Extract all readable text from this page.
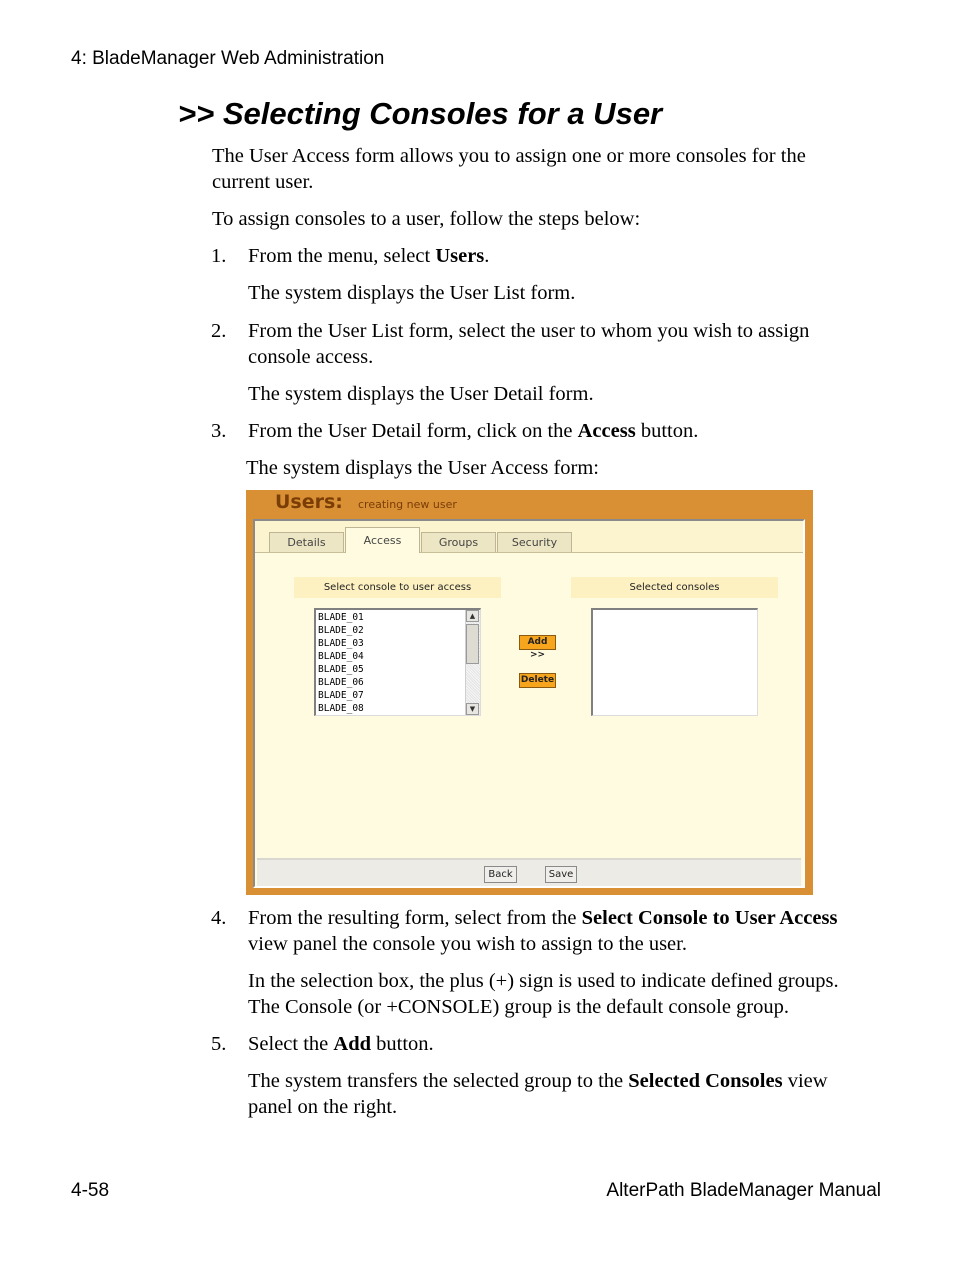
4: BladeManager Web Administration
>> Selecting Consoles for a User
The User Access form allows you to assign one or more consoles for the
current user.
To assign consoles to a user, follow the steps below:
1. From the menu, select Users.
The system displays the User List form.
2. From the User List form, select the user to whom you wish to assign
console access.
The system displays the User Detail form.
3. From the User Detail form, click on the Access button.
The system displays the User Access form:
Users: creating new user
Details	Access	Groups	Security
Select console to user access	Selected consoles
BLADE_01
BLADE_02
BLADE_03
BLADE_04
BLADE_05
BLADE_06
BLADE_07
BLADE_08
▲
▼
Add >>
Delete
Back	Save
4. From the resulting form, select from the Select Console to User Access
view panel the console you wish to assign to the user.
In the selection box, the plus (+) sign is used to indicate defined groups.
The Console (or +CONSOLE) group is the default console group.
5. Select the Add button.
The system transfers the selected group to the Selected Consoles view
panel on the right.
4-58	AlterPath BladeManager Manual
